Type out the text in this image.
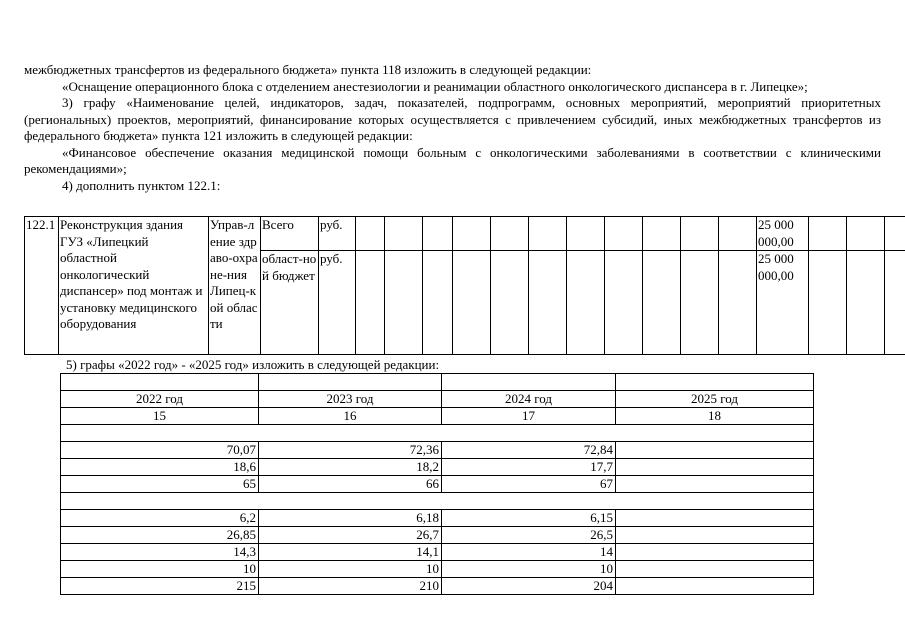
межбюджетных трансфертов из федерального бюджета» пункта 118 изложить в следующей редакции:

«Оснащение операционного блока с отделением анестезиологии и реанимации областного онкологического диспансера в г. Липецке»;

3) графу «Наименование целей, индикаторов, задач, показателей, подпрограмм, основных мероприятий, мероприятий приоритетных (региональных) проектов, мероприятий, финансирование которых осуществляется с привлечением субсидий, иных межбюджетных трансфертов из федерального бюджета» пункта 121 изложить в следующей редакции:

«Финансовое обеспечение оказания медицинской помощи больным с онкологическими заболеваниями в соответствии с клиническими рекомендациями»;

4) дополнить пунктом 122.1:

122.1	Реконструкция здания ГУЗ «Липецкий областной онкологический диспансер» под монтаж и установку медицинского оборудования	Управ-ление здраво-охране-ния Липец-кой области	Всего	руб.												25 000 000,00			
			област-ной бюджет	руб.												25 000 000,00			
5) графы «2022 год» - «2025 год» изложить в следующей редакции:

2022 год	2023 год	2024 год	2025 год
15	16	17	18

70,07	72,36	72,84	
18,6	18,2	17,7	
65	66	67	

6,2	6,18	6,15	
26,85	26,7	26,5	
14,3	14,1	14	
10	10	10	
215	210	204	
